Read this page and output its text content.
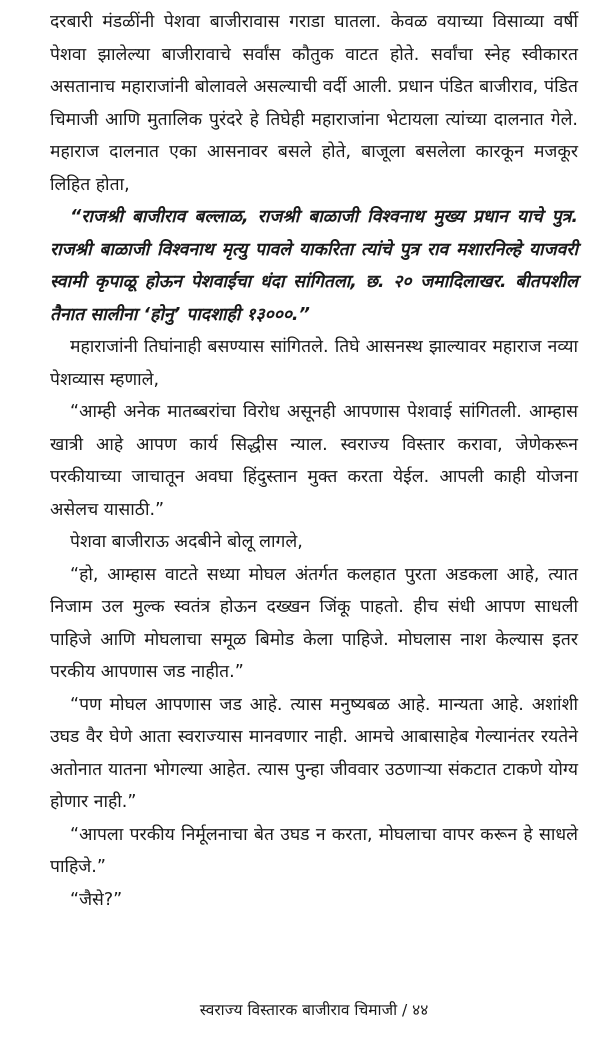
दरबारी मंडळींनी पेशवा बाजीरावास गराडा घातला. केवळ वयाच्या विसाव्या वर्षी पेशवा झालेल्या बाजीरावाचे सर्वांस कौतुक वाटत होते. सर्वांचा स्नेह स्वीकारत असतानाच महाराजांनी बोलावले असल्याची वर्दी आली. प्रधान पंडित बाजीराव, पंडित चिमाजी आणि मुतालिक पुरंदरे हे तिघेही महाराजांना भेटायला त्यांच्या दालनात गेले. महाराज दालनात एका आसनावर बसले होते, बाजूला बसलेला कारकून मजकूर लिहित होता,

“राजश्री बाजीराव बल्लाळ, राजश्री बाळाजी विश्वनाथ मुख्य प्रधान याचे पुत्र. राजश्री बाळाजी विश्वनाथ मृत्यु पावले याकरिता त्यांचे पुत्र राव मशारनिल्हे याजवरी स्वामी कृपाळू होऊन पेशवाईचा धंदा सांगितला, छ. २० जमादिलाखर. बीतपशील तैनात सालीना ‘होनु’ पादशाही १३०००.”

महाराजांनी तिघांनाही बसण्यास सांगितले. तिघे आसनस्थ झाल्यावर महाराज नव्या पेशव्यास म्हणाले,

“आम्ही अनेक मातब्बरांचा विरोध असूनही आपणास पेशवाई सांगितली. आम्हास खात्री आहे आपण कार्य सिद्धीस न्याल. स्वराज्य विस्तार करावा, जेणेकरून परकीयाच्या जाचातून अवघा हिंदुस्तान मुक्त करता येईल. आपली काही योजना असेलच यासाठी.”

पेशवा बाजीराऊ अदबीने बोलू लागले,

“हो, आम्हास वाटते सध्या मोघल अंतर्गत कलहात पुरता अडकला आहे, त्यात निजाम उल मुल्क स्वतंत्र होऊन दख्खन जिंकू पाहतो. हीच संधी आपण साधली पाहिजे आणि मोघलाचा समूळ बिमोड केला पाहिजे. मोघलास नाश केल्यास इतर परकीय आपणास जड नाहीत.”

“पण मोघल आपणास जड आहे. त्यास मनुष्यबळ आहे. मान्यता आहे. अशांशी उघड वैर घेणे आता स्वराज्यास मानवणार नाही. आमचे आबासाहेब गेल्यानंतर रयतेने अतोनात यातना भोगल्या आहेत. त्यास पुन्हा जीववार उठणाऱ्या संकटात टाकणे योग्य होणार नाही.”

“आपला परकीय निर्मूलनाचा बेत उघड न करता, मोघलाचा वापर करून हे साधले पाहिजे.”

“जैसे?”

स्वराज्य विस्तारक बाजीराव चिमाजी / ४४
